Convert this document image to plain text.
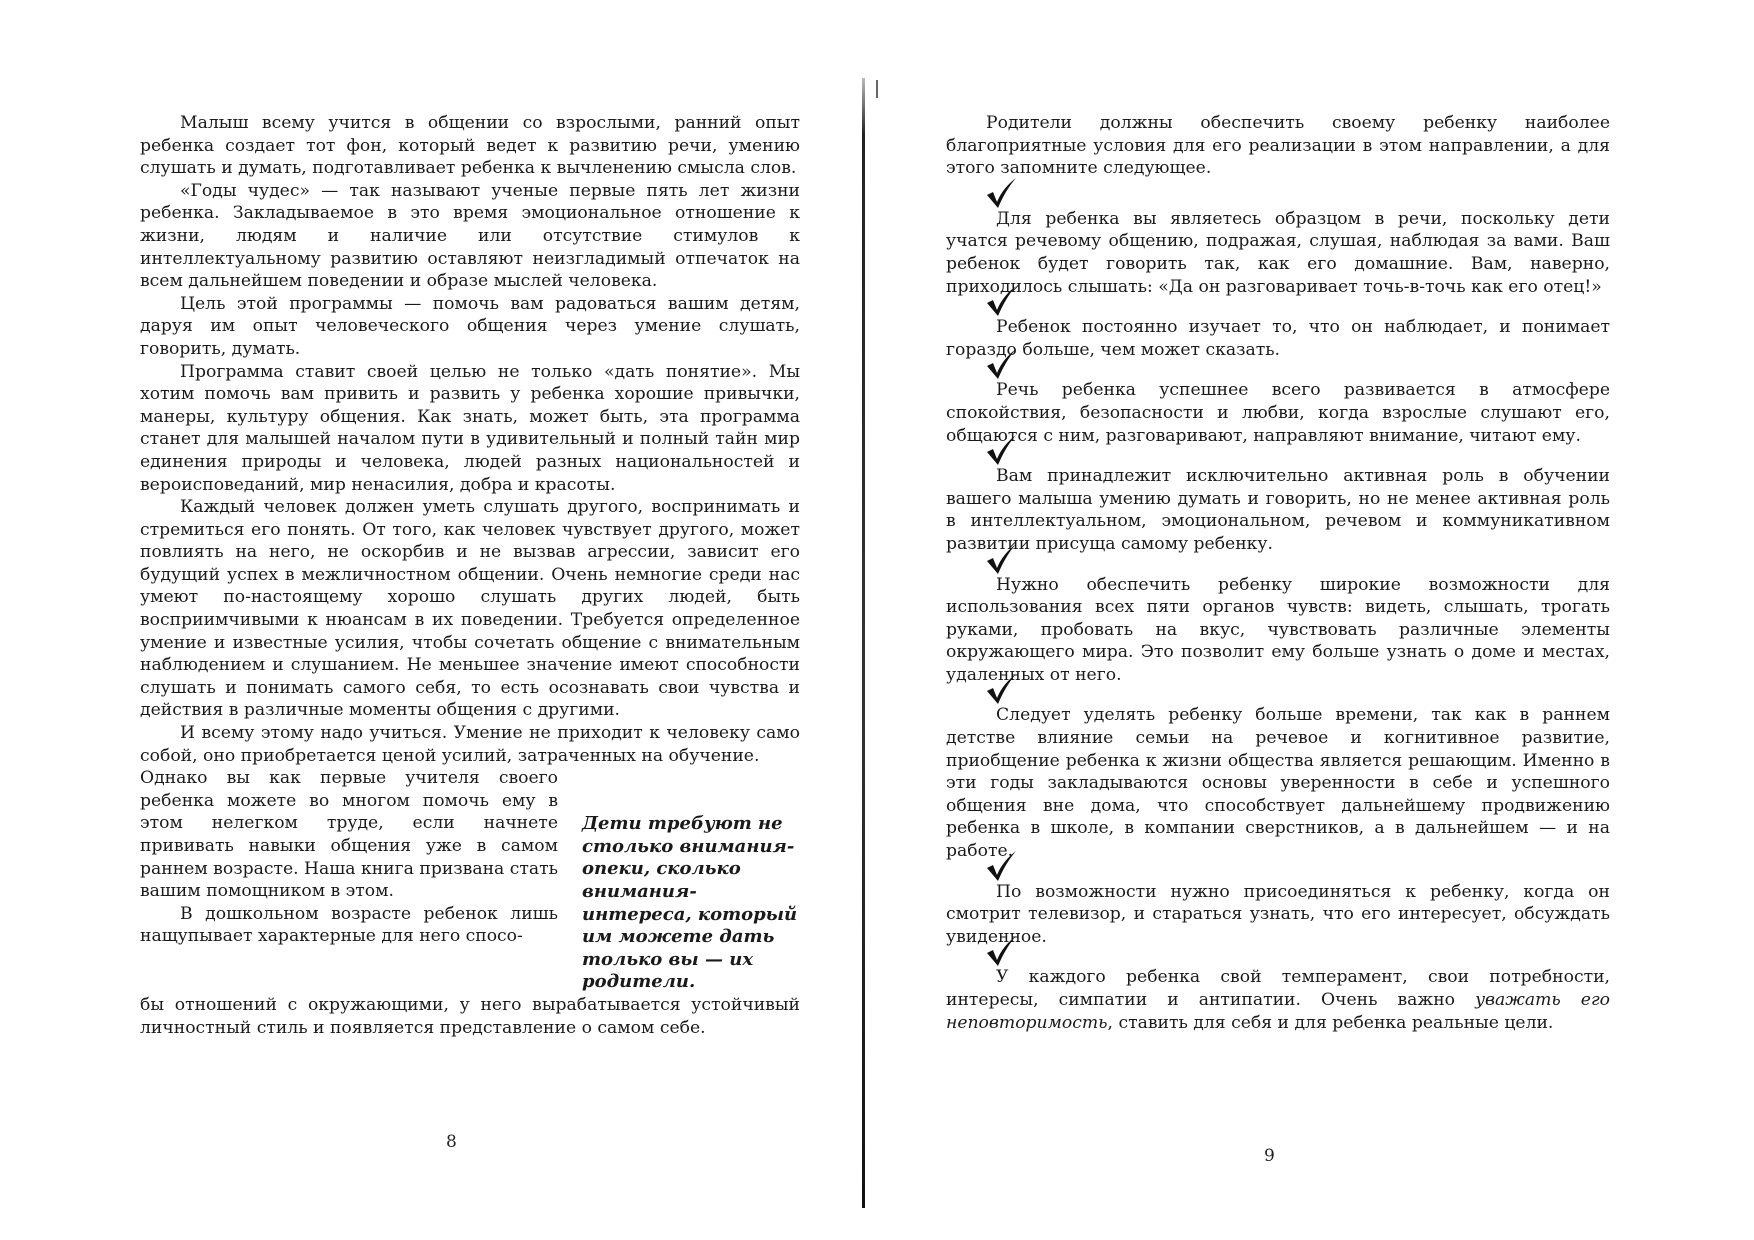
Малыш всему учится в общении со взрослыми, ранний опыт ребенка создает тот фон, который ведет к развитию речи, умению слушать и думать, подготавливает ребенка к вычленению смысла слов.

«Годы чудес» — так называют ученые первые пять лет жизни ребенка. Закладываемое в это время эмоциональное отношение к жизни, людям и наличие или отсутствие стимулов к интеллектуальному развитию оставляют неизгладимый отпечаток на всем дальнейшем поведении и образе мыслей человека.

Цель этой программы — помочь вам радоваться вашим детям, даруя им опыт человеческого общения через умение слушать, говорить, думать.

Программа ставит своей целью не только «дать понятие». Мы хотим помочь вам привить и развить у ребенка хорошие привычки, манеры, культуру общения. Как знать, может быть, эта программа станет для малышей началом пути в удивительный и полный тайн мир единения природы и человека, людей разных национальностей и вероисповеданий, мир ненасилия, добра и красоты.

Каждый человек должен уметь слушать другого, воспринимать и стремиться его понять. От того, как человек чувствует другого, может повлиять на него, не оскорбив и не вызвав агрессии, зависит его будущий успех в межличностном общении. Очень немногие среди нас умеют по-настоящему хорошо слушать других людей, быть восприимчивыми к нюансам в их поведении. Требуется определенное умение и известные усилия, чтобы сочетать общение с внимательным наблюдением и слушанием. Не меньшее значение имеют способности слушать и понимать самого себя, то есть осознавать свои чувства и действия в различные моменты общения с другими.

И всему этому надо учиться. Умение не приходит к человеку само собой, оно приобретается ценой усилий, затраченных на обучение.

Однако вы как первые учителя своего ребенка можете во многом помочь ему в этом нелегком труде, если начнете прививать навыки общения уже в самом раннем возрасте. Наша книга призвана стать вашим помощником в этом.

В дошкольном возрасте ребенок лишь нащупывает характерные для него спосо-

Дети требуют не столько внимания-опеки, сколько внимания-интереса, который им можете дать только вы — их родители.

бы отношений с окружающими, у него вырабатывается устойчивый личностный стиль и появляется представление о самом себе.

8

Родители должны обеспечить своему ребенку наиболее благоприятные условия для его реализации в этом направлении, а для этого запомните следующее.

Для ребенка вы являетесь образцом в речи, поскольку дети учатся речевому общению, подражая, слушая, наблюдая за вами. Ваш ребенок будет говорить так, как его домашние. Вам, наверно, приходилось слышать: «Да он разговаривает точь-в-точь как его отец!»

Ребенок постоянно изучает то, что он наблюдает, и понимает гораздо больше, чем может сказать.

Речь ребенка успешнее всего развивается в атмосфере спокойствия, безопасности и любви, когда взрослые слушают его, общаются с ним, разговаривают, направляют внимание, читают ему.

Вам принадлежит исключительно активная роль в обучении вашего малыша умению думать и говорить, но не менее активная роль в интеллектуальном, эмоциональном, речевом и коммуникативном развитии присуща самому ребенку.

Нужно обеспечить ребенку широкие возможности для использования всех пяти органов чувств: видеть, слышать, трогать руками, пробовать на вкус, чувствовать различные элементы окружающего мира. Это позволит ему больше узнать о доме и местах, удаленных от него.

Следует уделять ребенку больше времени, так как в раннем детстве влияние семьи на речевое и когнитивное развитие, приобщение ребенка к жизни общества является решающим. Именно в эти годы закладываются основы уверенности в себе и успешного общения вне дома, что способствует дальнейшему продвижению ребенка в школе, в компании сверстников, а в дальнейшем — и на работе.

По возможности нужно присоединяться к ребенку, когда он смотрит телевизор, и стараться узнать, что его интересует, обсуждать увиденное.

У каждого ребенка свой темперамент, свои потребности, интересы, симпатии и антипатии. Очень важно уважать его неповторимость, ставить для себя и для ребенка реальные цели.

9
